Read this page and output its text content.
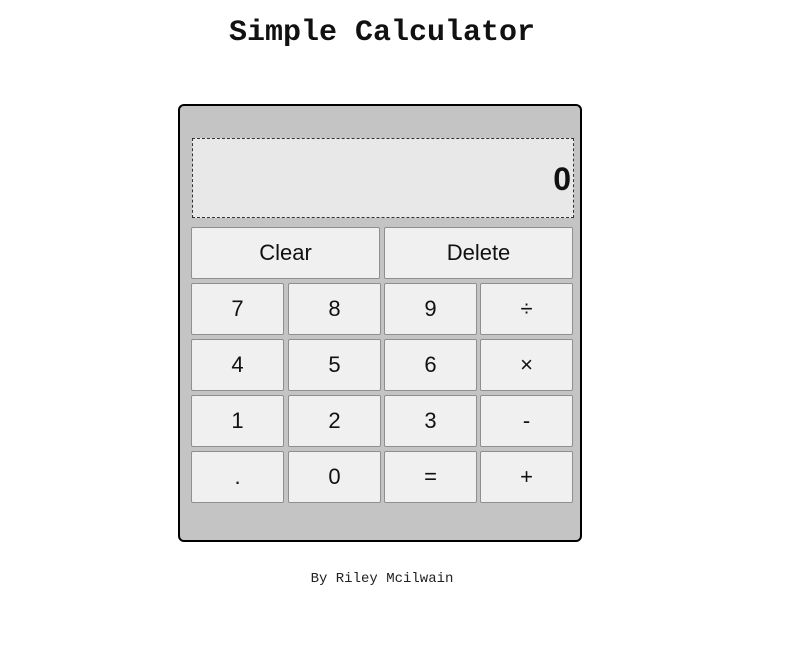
Simple Calculator
0
Clear	Delete
7	8	9	÷
4	5	6	×
1	2	3	-
.	0	=	+
By Riley Mcilwain
